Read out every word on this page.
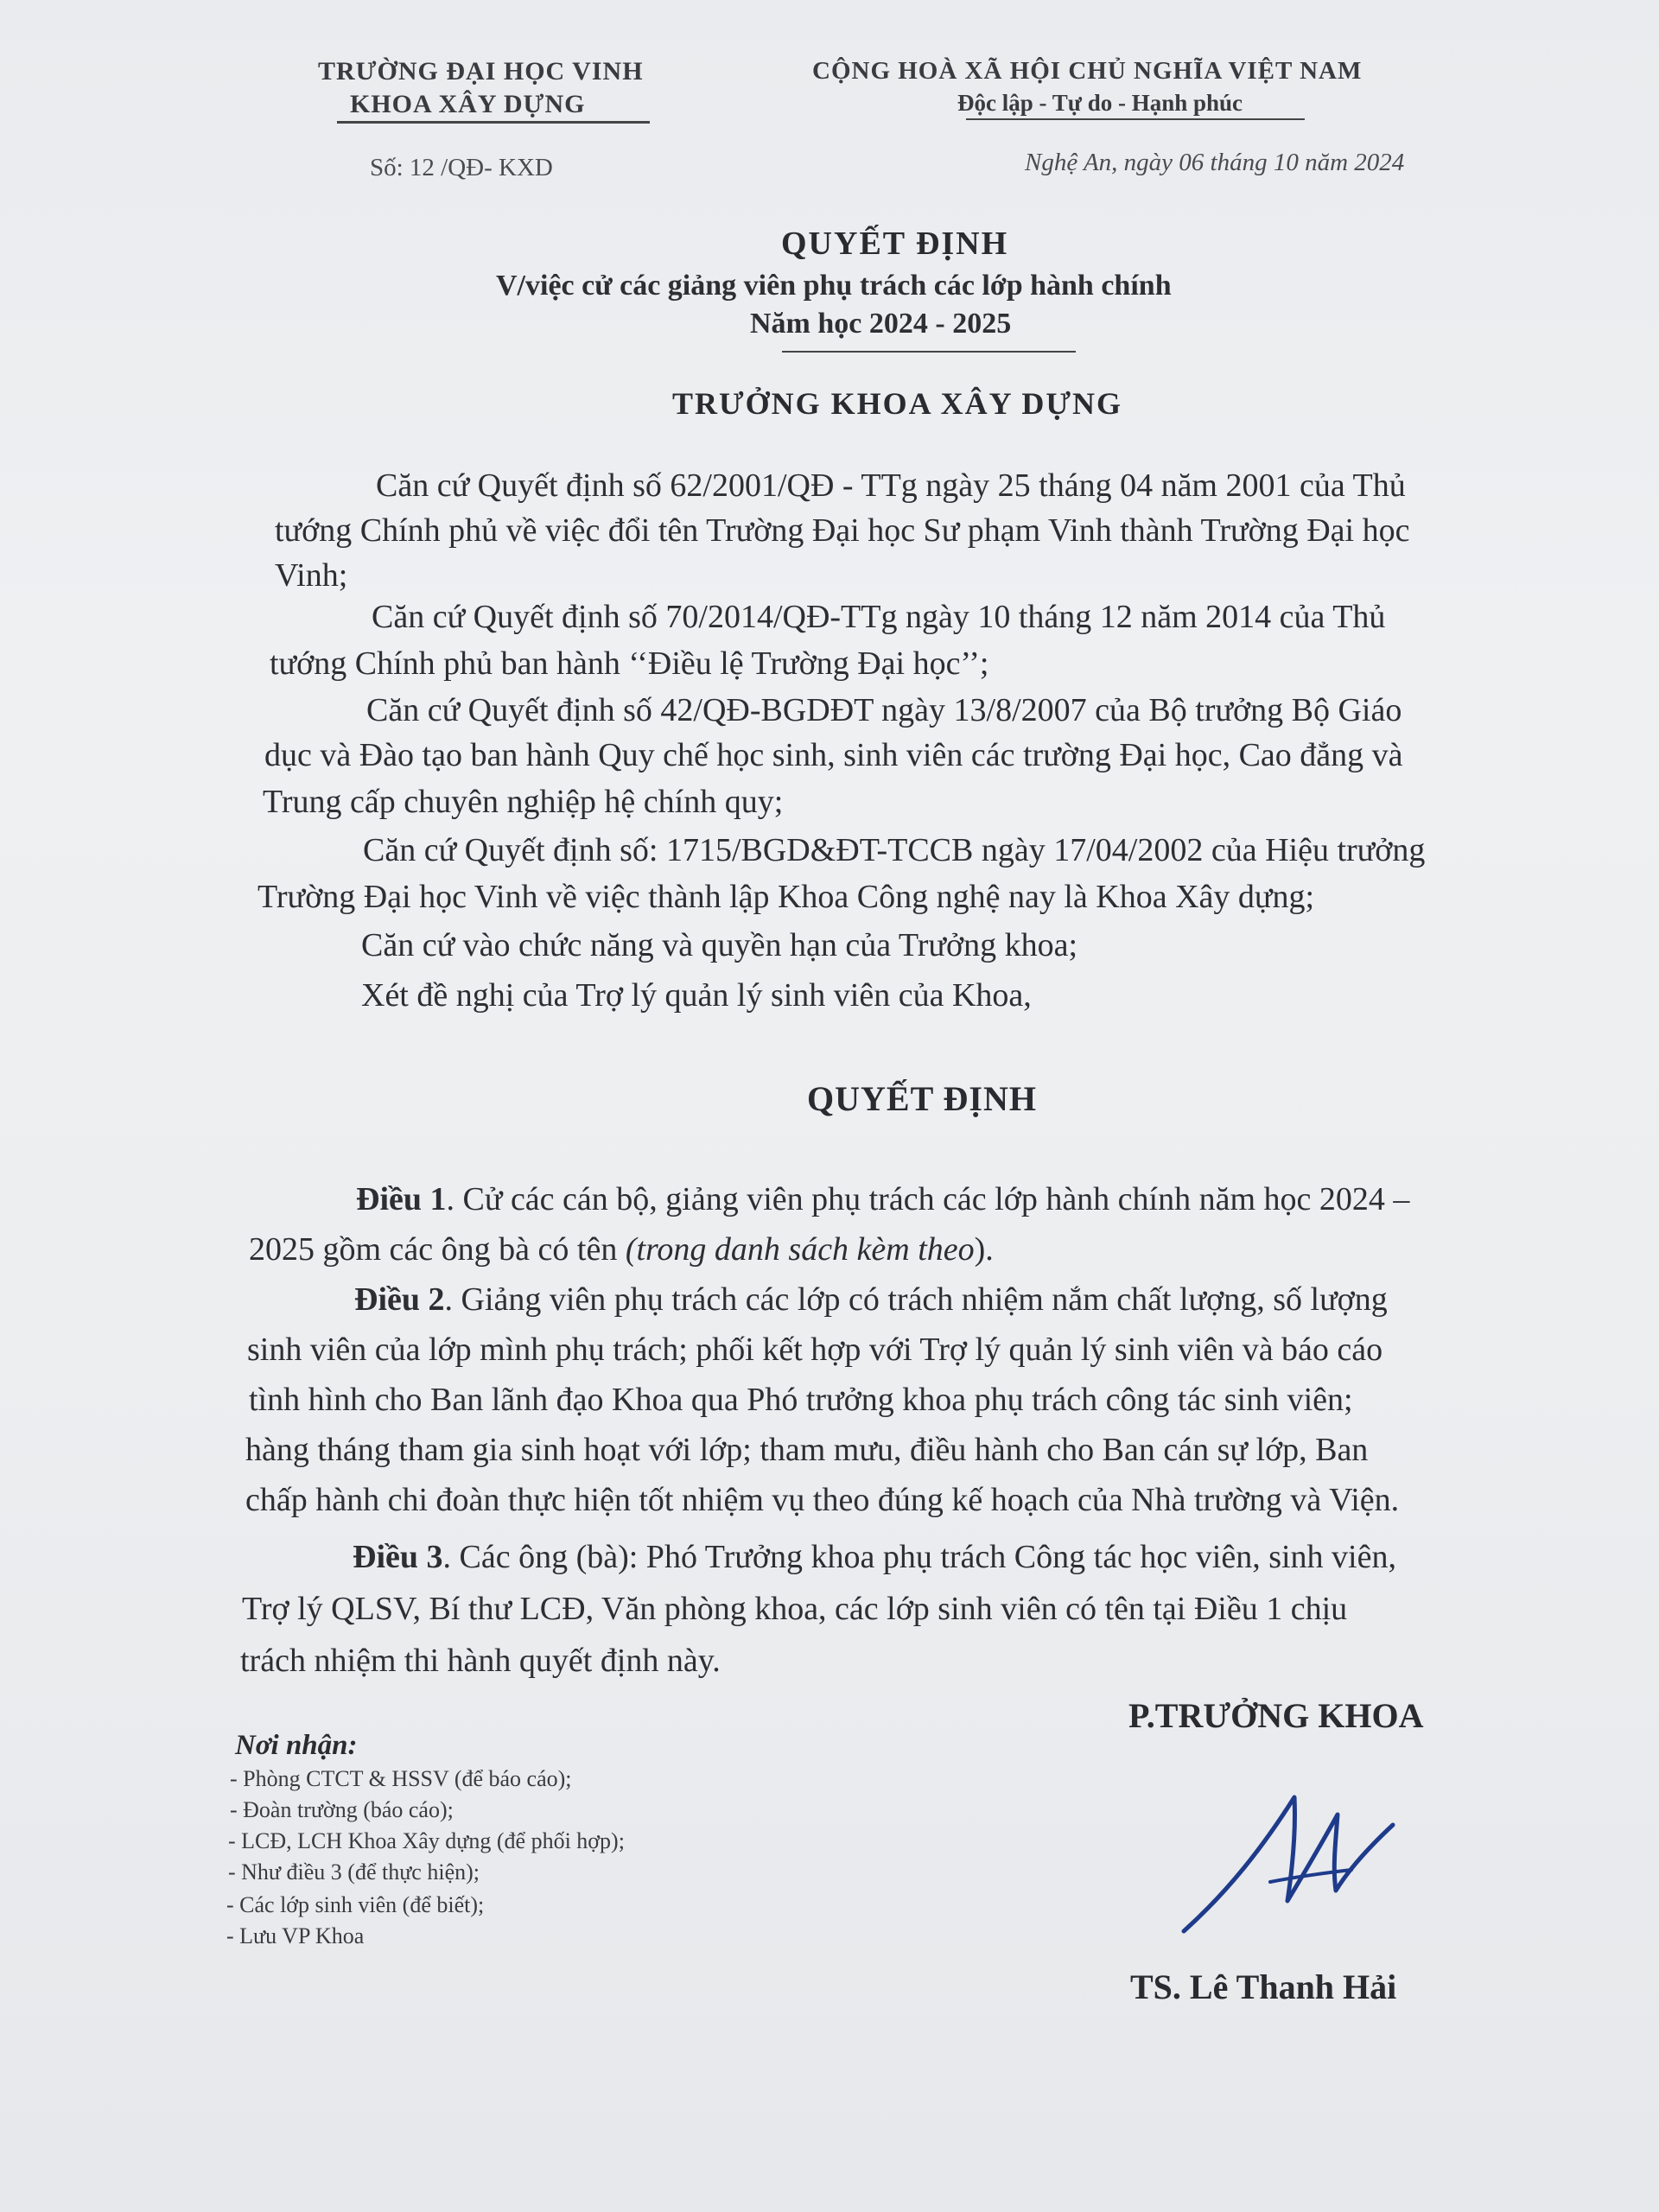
TRƯỜNG ĐẠI HỌC VINH
KHOA XÂY DỰNG
Số: 12 /QĐ- KXD
CỘNG HOÀ XÃ HỘI CHỦ NGHĨA VIỆT NAM
Độc lập - Tự do - Hạnh phúc
Nghệ An, ngày 06 tháng 10 năm 2024
QUYẾT ĐỊNH
V/việc cử các giảng viên phụ trách các lớp hành chính
Năm học 2024 - 2025
TRƯỞNG KHOA XÂY DỰNG
Căn cứ Quyết định số 62/2001/QĐ - TTg ngày 25 tháng 04 năm 2001 của Thủ
tướng Chính phủ về việc đổi tên Trường Đại học Sư phạm Vinh thành Trường Đại học
Vinh;
Căn cứ Quyết định số 70/2014/QĐ-TTg ngày 10 tháng 12 năm 2014 của Thủ
tướng Chính phủ ban hành ‘‘Điều lệ Trường Đại học’’;
Căn cứ Quyết định số 42/QĐ-BGDĐT ngày 13/8/2007 của Bộ trưởng Bộ Giáo
dục và Đào tạo ban hành Quy chế học sinh, sinh viên các trường Đại học, Cao đẳng và
Trung cấp chuyên nghiệp hệ chính quy;
Căn cứ Quyết định số: 1715/BGD&ĐT-TCCB ngày 17/04/2002 của Hiệu trưởng
Trường Đại học Vinh về việc thành lập Khoa Công nghệ nay là Khoa Xây dựng;
Căn cứ vào chức năng và quyền hạn của Trưởng khoa;
Xét đề nghị của Trợ lý quản lý sinh viên của Khoa,
QUYẾT ĐỊNH
Điều 1. Cử các cán bộ, giảng viên phụ trách các lớp hành chính năm học 2024 –
2025 gồm các ông bà có tên (trong danh sách kèm theo).
Điều 2. Giảng viên phụ trách các lớp có trách nhiệm nắm chất lượng, số lượng
sinh viên của lớp mình phụ trách; phối kết hợp với Trợ lý quản lý sinh viên và báo cáo
tình hình cho Ban lãnh đạo Khoa qua Phó trưởng khoa phụ trách công tác sinh viên;
hàng tháng tham gia sinh hoạt với lớp; tham mưu, điều hành cho Ban cán sự lớp, Ban
chấp hành chi đoàn thực hiện tốt nhiệm vụ theo đúng kế hoạch của Nhà trường và Viện.
Điều 3. Các ông (bà): Phó Trưởng khoa phụ trách Công tác học viên, sinh viên,
Trợ lý QLSV, Bí thư LCĐ, Văn phòng khoa, các lớp sinh viên có tên tại Điều 1 chịu
trách nhiệm thi hành quyết định này.
Nơi nhận:
- Phòng CTCT & HSSV (để báo cáo);
- Đoàn trường (báo cáo);
- LCĐ, LCH Khoa Xây dựng (để phối hợp);
- Như điều 3 (để thực hiện);
- Các lớp sinh viên (để biết);
- Lưu VP Khoa
P.TRƯỞNG KHOA
TS. Lê Thanh Hải
